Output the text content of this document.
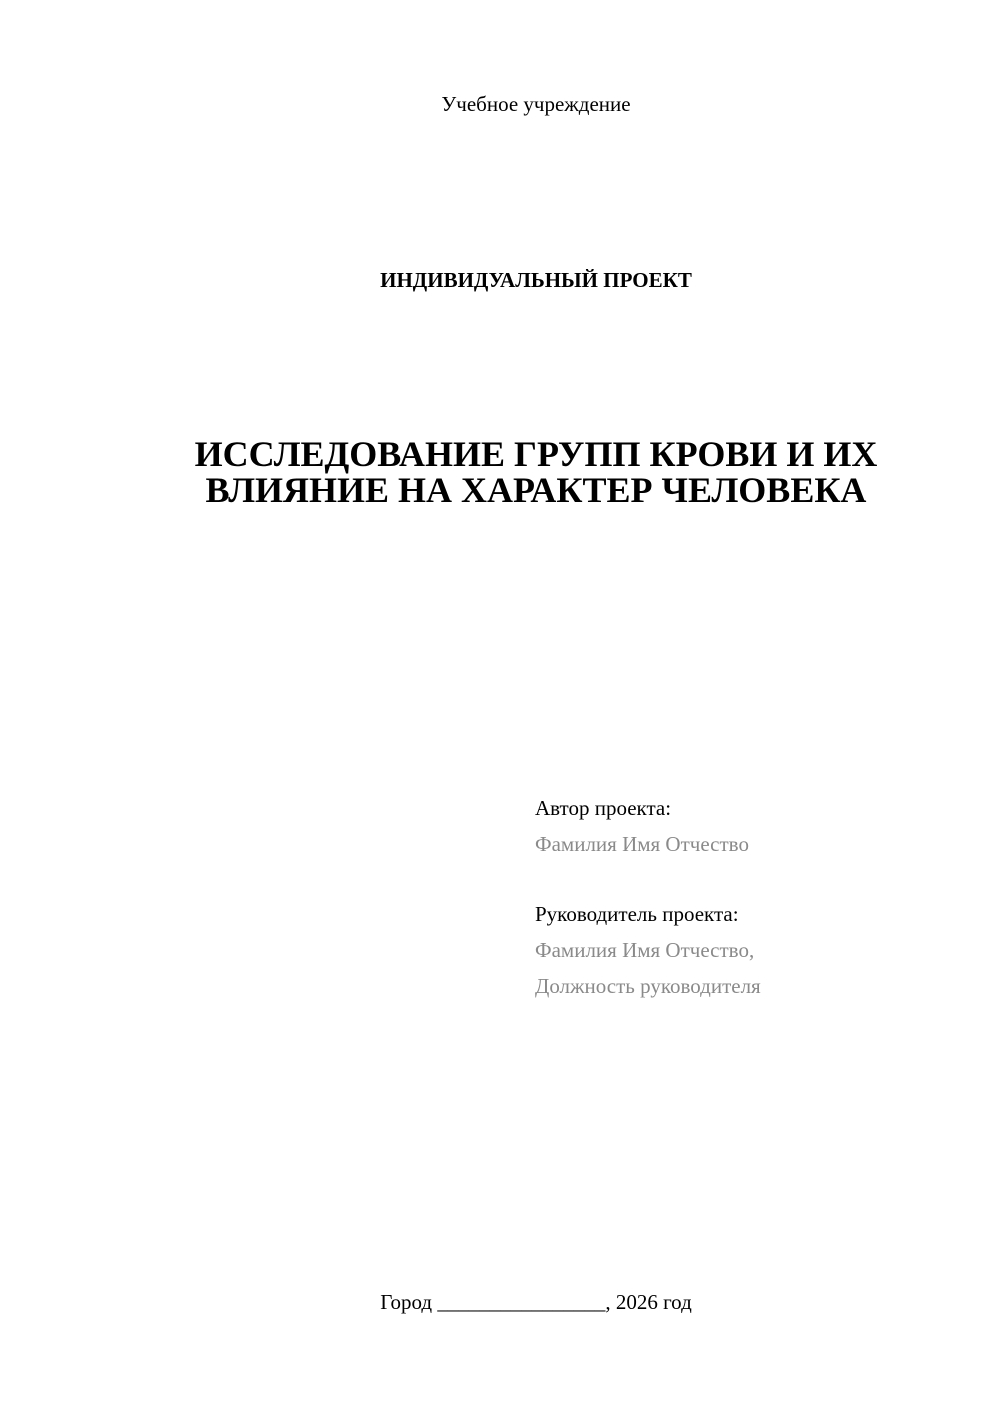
Учебное учреждение
ИНДИВИДУАЛЬНЫЙ ПРОЕКТ
ИССЛЕДОВАНИЕ ГРУПП КРОВИ И ИХ
ВЛИЯНИЕ НА ХАРАКТЕР ЧЕЛОВЕКА
Автор проекта:
Фамилия Имя Отчество
Руководитель проекта:
Фамилия Имя Отчество,
Должность руководителя
Город ________________, 2026 год
